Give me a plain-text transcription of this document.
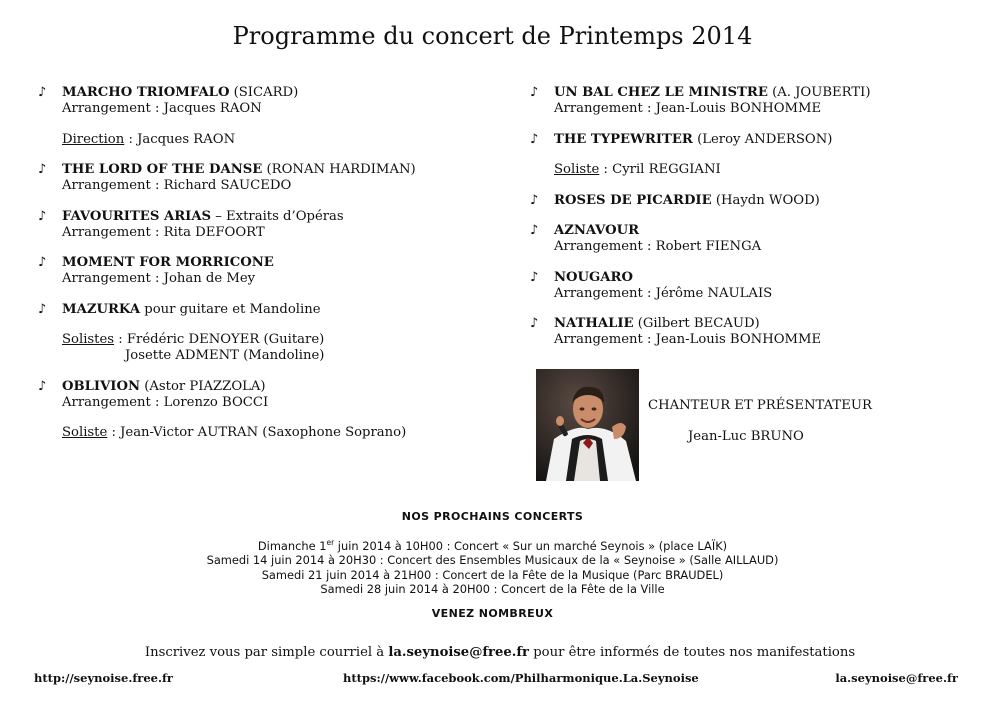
Programme du concert de Printemps 2014
♪ MARCHO TRIOMFALO (SICARD)
Arrangement : Jacques RAON
Direction : Jacques RAON
♪ THE LORD OF THE DANSE (RONAN HARDIMAN)
Arrangement : Richard SAUCEDO
♪ FAVOURITES ARIAS – Extraits d’Opéras
Arrangement : Rita DEFOORT
♪ MOMENT FOR MORRICONE
Arrangement : Johan de Mey
♪ MAZURKA pour guitare et Mandoline
Solistes : Frédéric DENOYER (Guitare)
Josette ADMENT (Mandoline)
♪ OBLIVION (Astor PIAZZOLA)
Arrangement : Lorenzo BOCCI
Soliste : Jean-Victor AUTRAN (Saxophone Soprano)
♪ UN BAL CHEZ LE MINISTRE (A. JOUBERTI)
Arrangement : Jean-Louis BONHOMME
♪ THE TYPEWRITER (Leroy ANDERSON)
Soliste : Cyril REGGIANI
♪ ROSES DE PICARDIE (Haydn WOOD)
♪ AZNAVOUR
Arrangement : Robert FIENGA
♪ NOUGARO
Arrangement : Jérôme NAULAIS
♪ NATHALIE (Gilbert BECAUD)
Arrangement : Jean-Louis BONHOMME
CHANTEUR ET PRÉSENTATEUR
Jean-Luc BRUNO
NOS PROCHAINS CONCERTS
Dimanche 1er juin 2014 à 10H00 : Concert « Sur un marché Seynois » (place LAÏK)
Samedi 14 juin 2014 à 20H30 : Concert des Ensembles Musicaux de la « Seynoise » (Salle AILLAUD)
Samedi 21 juin 2014 à 21H00 : Concert de la Fête de la Musique (Parc BRAUDEL)
Samedi 28 juin 2014 à 20H00 : Concert de la Fête de la Ville
VENEZ NOMBREUX
Inscrivez vous par simple courriel à la.seynoise@free.fr pour être informés de toutes nos manifestations
http://seynoise.free.fr	https://www.facebook.com/Philharmonique.La.Seynoise	la.seynoise@free.fr
